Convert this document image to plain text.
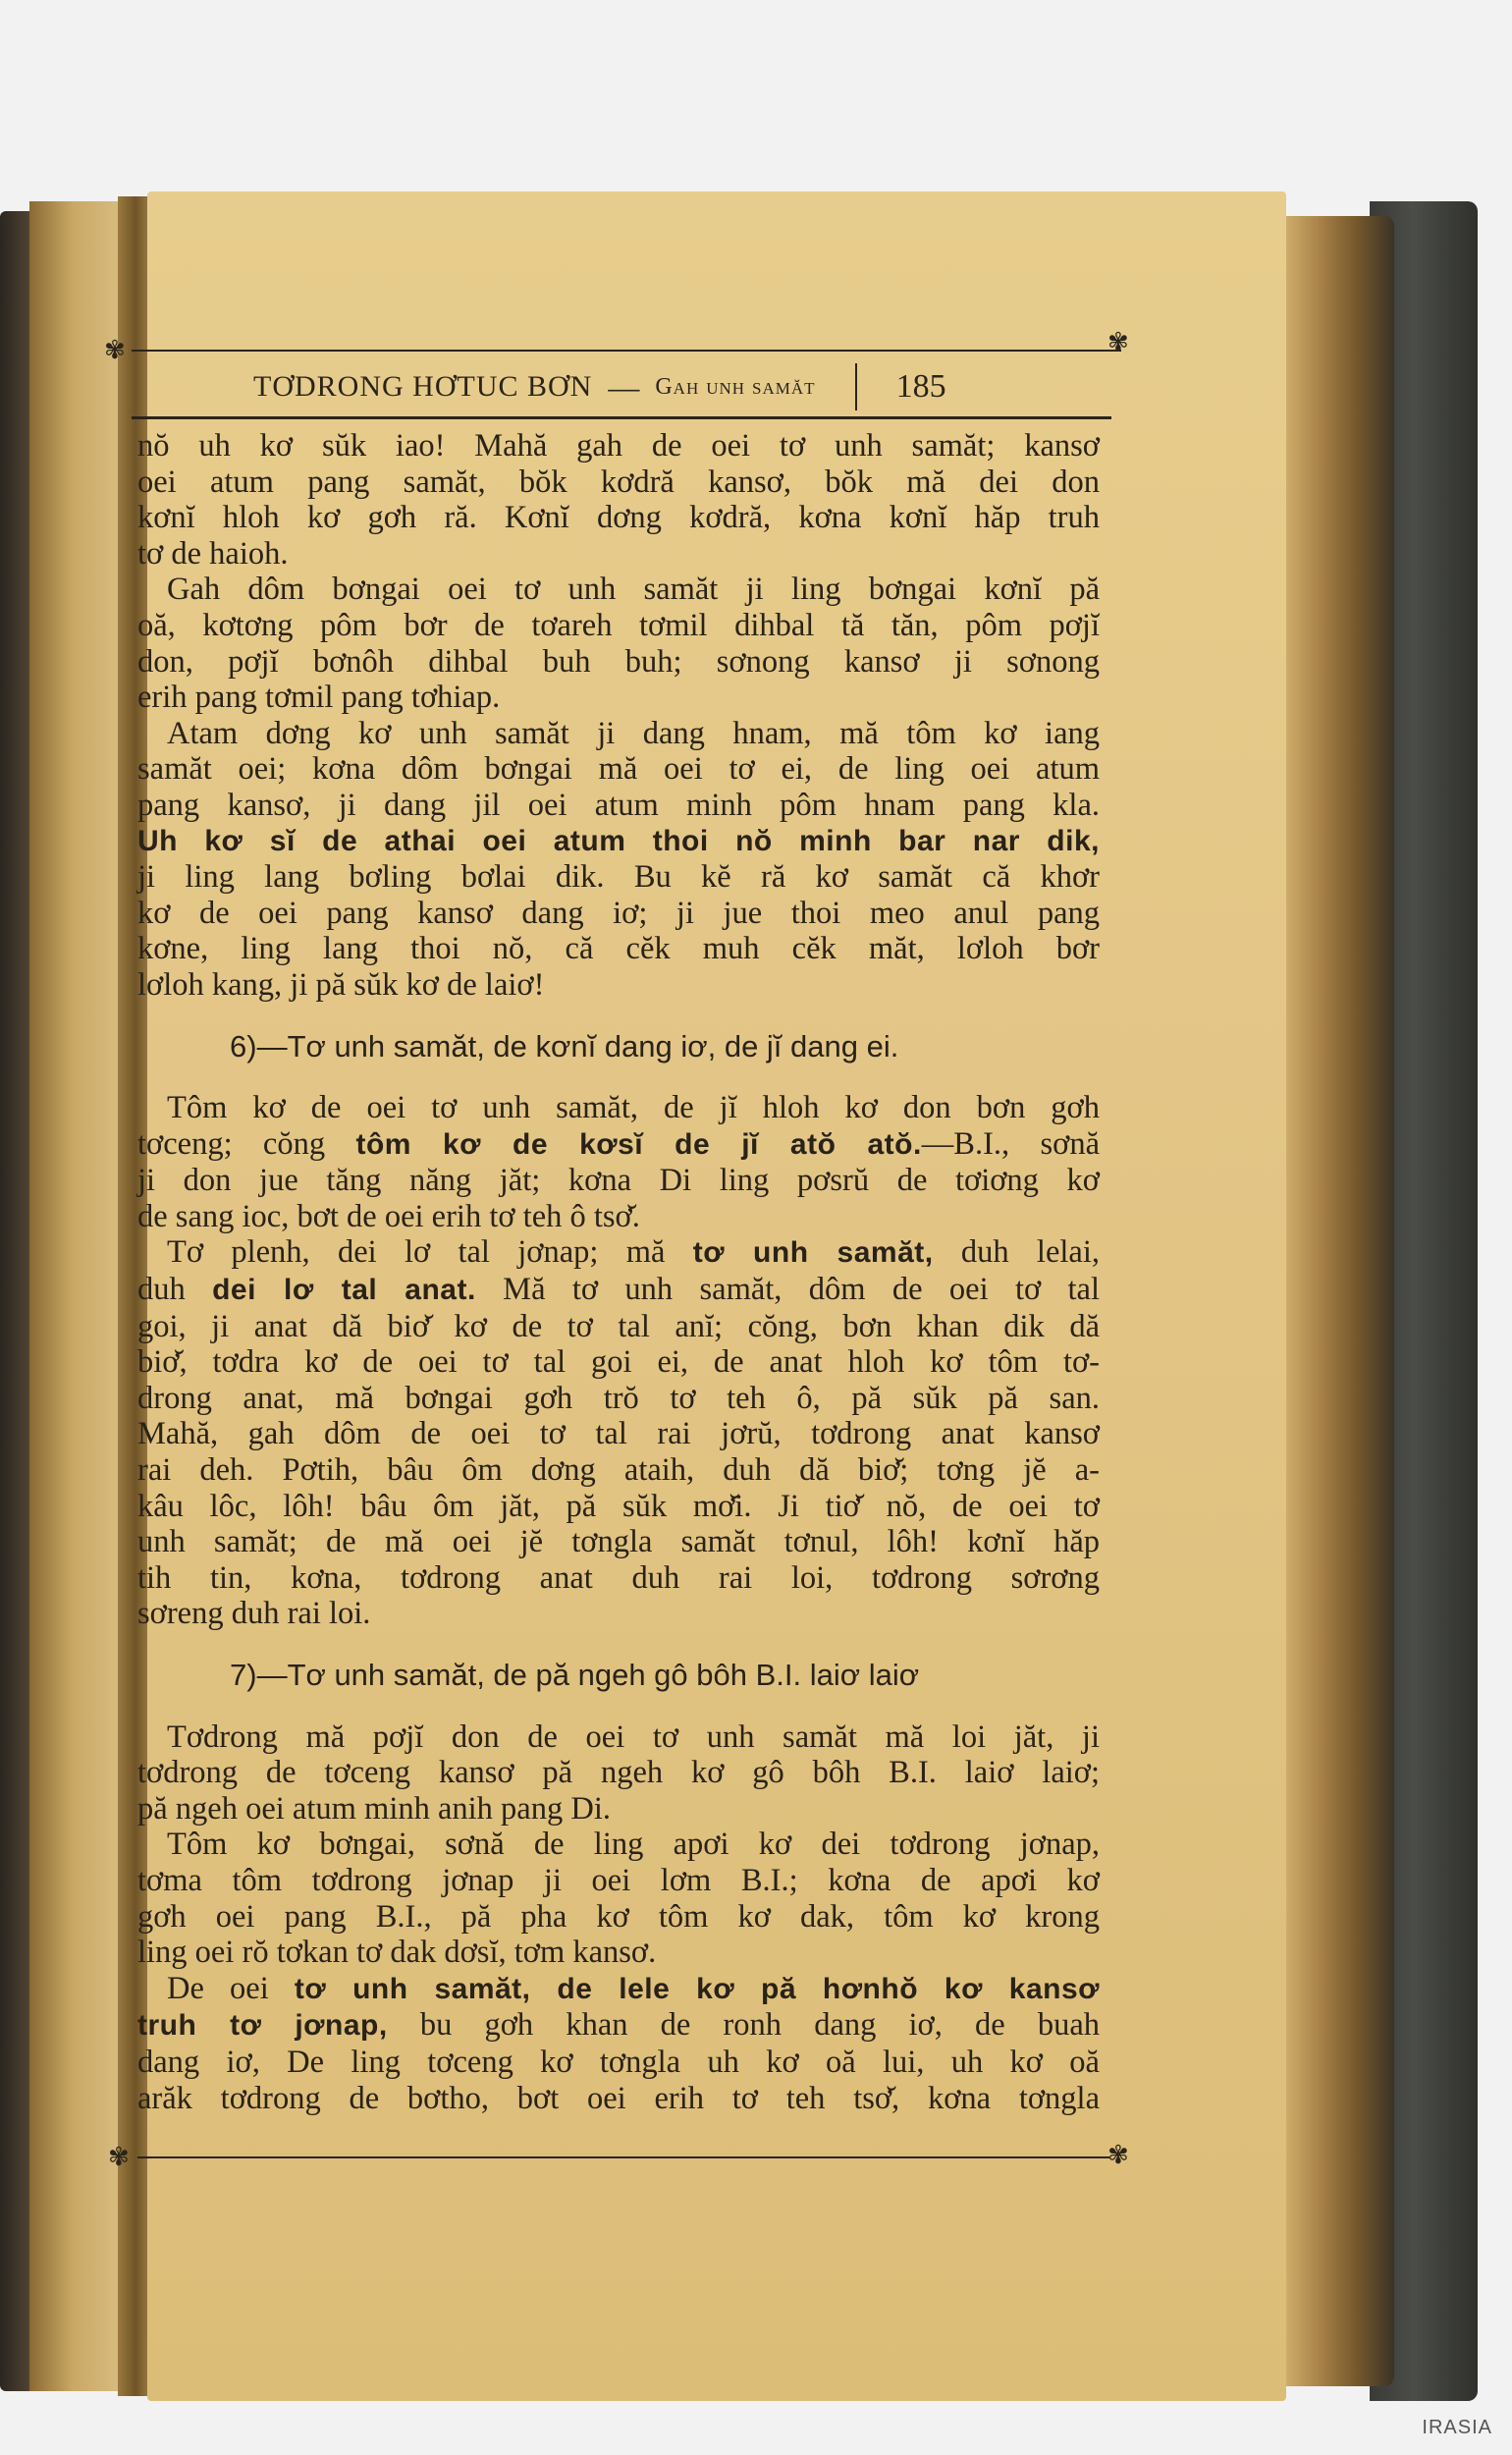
✾	✾
TƠDRONG HƠTUC BƠN — Gah unh samăt 185
nŏ uh kơ sŭk iao! Mahă gah de oei tơ unh samăt; kansơ
oei atum pang samăt, bŏk kơdră kansơ, bŏk mă dei don
kơnĭ hloh kơ gơh ră. Kơnĭ dơng kơdră, kơna kơnĭ hăp truh
tơ de haioh.
Gah dôm bơngai oei tơ unh samăt ji ling bơngai kơnĭ pă
oă, kơtơng pôm bơr de tơareh tơmil dihbal tă tăn, pôm pơjĭ
don, pơjĭ bơnôh dihbal buh buh; sơnong kansơ ji sơnong
erih pang tơmil pang tơhiap.
Atam dơng kơ unh samăt ji dang hnam, mă tôm kơ iang
samăt oei; kơna dôm bơngai mă oei tơ ei, de ling oei atum
pang kansơ, ji dang jil oei atum minh pôm hnam pang kla.
Uh kơ sĭ de athai oei atum thoi nŏ minh bar nar dik,
ji ling lang bơling bơlai dik. Bu kĕ ră kơ samăt că khơr
kơ de oei pang kansơ dang iơ; ji jue thoi meo anul pang
kơne, ling lang thoi nŏ, că cĕk muh cĕk măt, lơloh bơr
lơloh kang, ji pă sŭk kơ de laiơ!
6)—Tơ unh samăt, de kơnĭ dang iơ, de jĭ dang ei.
Tôm kơ de oei tơ unh samăt, de jĭ hloh kơ don bơn gơh
tơceng; cŏng tôm kơ de kơsĭ de jĭ atŏ atŏ.—B.I., sơnă
ji don jue tăng năng jăt; kơna Di ling pơsrŭ de tơiơng kơ
de sang ioc, bơt de oei erih tơ teh ô tsơ̆.
Tơ plenh, dei lơ tal jơnap; mă tơ unh samăt, duh lelai,
duh dei lơ tal anat. Mă tơ unh samăt, dôm de oei tơ tal
goi, ji anat dă biơ̆ kơ de tơ tal anĭ; cŏng, bơn khan dik dă
biơ̆, tơdra kơ de oei tơ tal goi ei, de anat hloh kơ tôm tơ-
drong anat, mă bơngai gơh trŏ tơ teh ô, pă sŭk pă san.
Mahă, gah dôm de oei tơ tal rai jơrŭ, tơdrong anat kansơ
rai deh. Pơtih, bâu ôm dơng ataih, duh dă biơ̆; tơng jĕ a-
kâu lôc, lôh! bâu ôm jăt, pă sŭk mơ̆i. Ji tiơ̆ nŏ, de oei tơ
unh samăt; de mă oei jĕ tơngla samăt tơnul, lôh! kơnĭ hăp
tih tin, kơna, tơdrong anat duh rai loi, tơdrong sơrơng
sơreng duh rai loi.
7)—Tơ unh samăt, de pă ngeh gô bôh B.I. laiơ laiơ
Tơdrong mă pơjĭ don de oei tơ unh samăt mă loi jăt, ji
tơdrong de tơceng kansơ pă ngeh kơ gô bôh B.I. laiơ laiơ;
pă ngeh oei atum minh anih pang Di.
Tôm kơ bơngai, sơnă de ling apơi kơ dei tơdrong jơnap,
tơma tôm tơdrong jơnap ji oei lơm B.I.; kơna de apơi kơ
gơh oei pang B.I., pă pha kơ tôm kơ dak, tôm kơ krong
ling oei rŏ tơkan tơ dak dơsĭ, tơm kansơ.
De oei tơ unh samăt, de lele kơ pă hơnhŏ kơ kansơ
truh tơ jơnap, bu gơh khan de ronh dang iơ, de buah
dang iơ, De ling tơceng kơ tơngla uh kơ oă lui, uh kơ oă
arăk tơdrong de bơtho, bơt oei erih tơ teh tsơ̆, kơna tơngla
✾	✾
IRASIA
